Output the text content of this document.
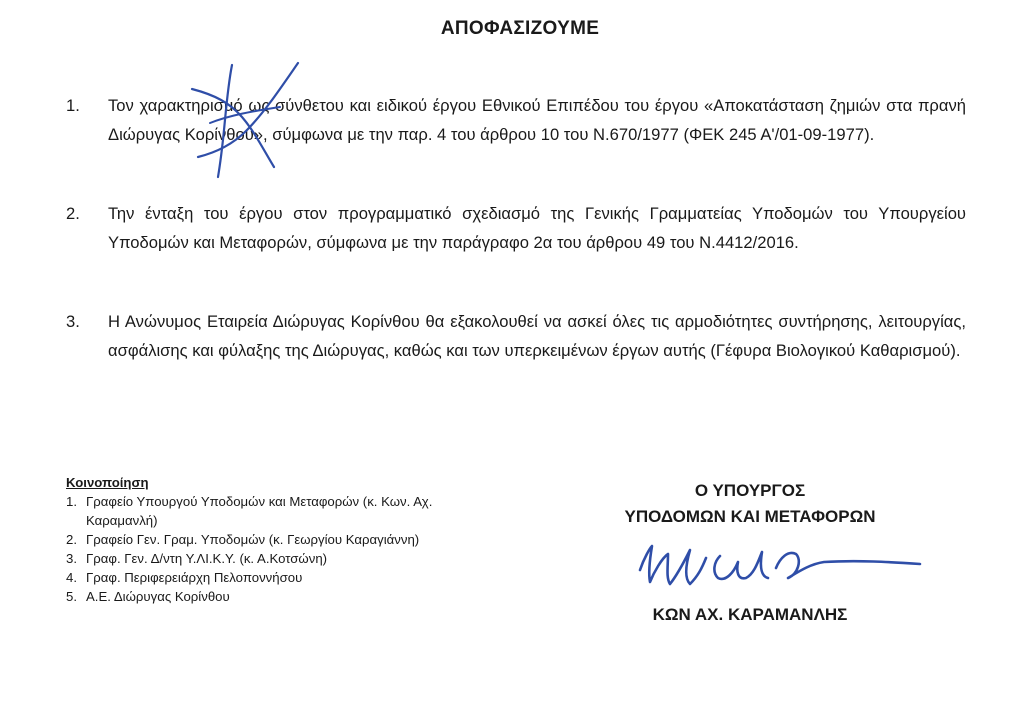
ΑΠΟΦΑΣΙΖΟΥΜΕ
1. Τον χαρακτηρισμό ως σύνθετου και ειδικού έργου Εθνικού Επιπέδου του έργου «Αποκατάσταση ζημιών στα πρανή Διώρυγας Κορίνθου», σύμφωνα με την παρ. 4 του άρθρου 10 του Ν.670/1977 (ΦΕΚ 245 Α'/01-09-1977).
2. Την ένταξη του έργου στον προγραμματικό σχεδιασμό της Γενικής Γραμματείας Υποδομών του Υπουργείου Υποδομών και Μεταφορών, σύμφωνα με την παράγραφο 2α του άρθρου 49 του Ν.4412/2016.
3. Η Ανώνυμος Εταιρεία Διώρυγας Κορίνθου θα εξακολουθεί να ασκεί όλες τις αρμοδιότητες συντήρησης, λειτουργίας, ασφάλισης και φύλαξης της Διώρυγας, καθώς και των υπερκειμένων έργων αυτής (Γέφυρα Βιολογικού Καθαρισμού).
Κοινοποίηση
1. Γραφείο Υπουργού Υποδομών και Μεταφορών (κ. Κων. Αχ. Καραμανλή)
2. Γραφείο Γεν. Γραμ. Υποδομών (κ. Γεωργίου Καραγιάννη)
3. Γραφ. Γεν. Δ/ντη Υ.ΛΙ.Κ.Υ. (κ. Α.Κοτσώνη)
4. Γραφ. Περιφερειάρχη Πελοποννήσου
5. Α.Ε. Διώρυγας Κορίνθου
Ο ΥΠΟΥΡΓΟΣ
ΥΠΟΔΟΜΩΝ ΚΑΙ ΜΕΤΑΦΟΡΩΝ
ΚΩΝ ΑΧ. ΚΑΡΑΜΑΝΛΗΣ
